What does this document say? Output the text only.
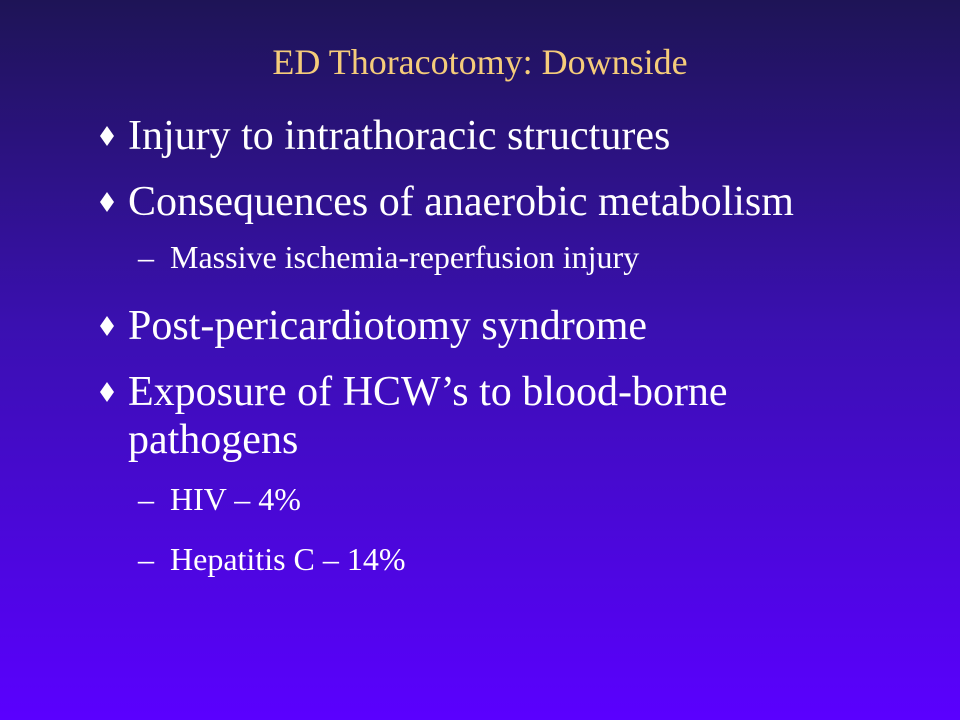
ED Thoracotomy: Downside
Injury to intrathoracic structures
Consequences of anaerobic metabolism
– Massive ischemia-reperfusion injury
Post-pericardiotomy syndrome
Exposure of HCW’s to blood-borne pathogens
– HIV – 4%
– Hepatitis C – 14%
